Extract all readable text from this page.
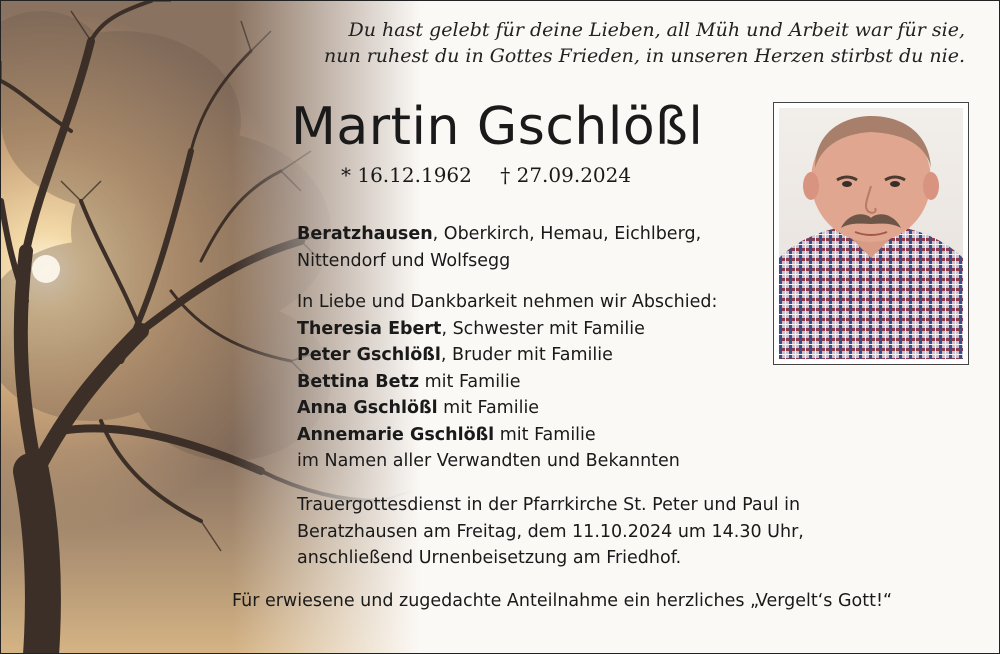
Du hast gelebt für deine Lieben, all Müh und Arbeit war für sie,
nun ruhest du in Gottes Frieden, in unseren Herzen stirbst du nie.
Martin Gschlößl
* 16.12.1962 † 27.09.2024
Beratzhausen, Oberkirch, Hemau, Eichlberg,
Nittendorf und Wolfsegg
In Liebe und Dankbarkeit nehmen wir Abschied:
Theresia Ebert, Schwester mit Familie
Peter Gschlößl, Bruder mit Familie
Bettina Betz mit Familie
Anna Gschlößl mit Familie
Annemarie Gschlößl mit Familie
im Namen aller Verwandten und Bekannten
Trauergottesdienst in der Pfarrkirche St. Peter und Paul in
Beratzhausen am Freitag, dem 11.10.2024 um 14.30 Uhr,
anschließend Urnenbeisetzung am Friedhof.
Für erwiesene und zugedachte Anteilnahme ein herzliches „Vergelt‘s Gott!“
